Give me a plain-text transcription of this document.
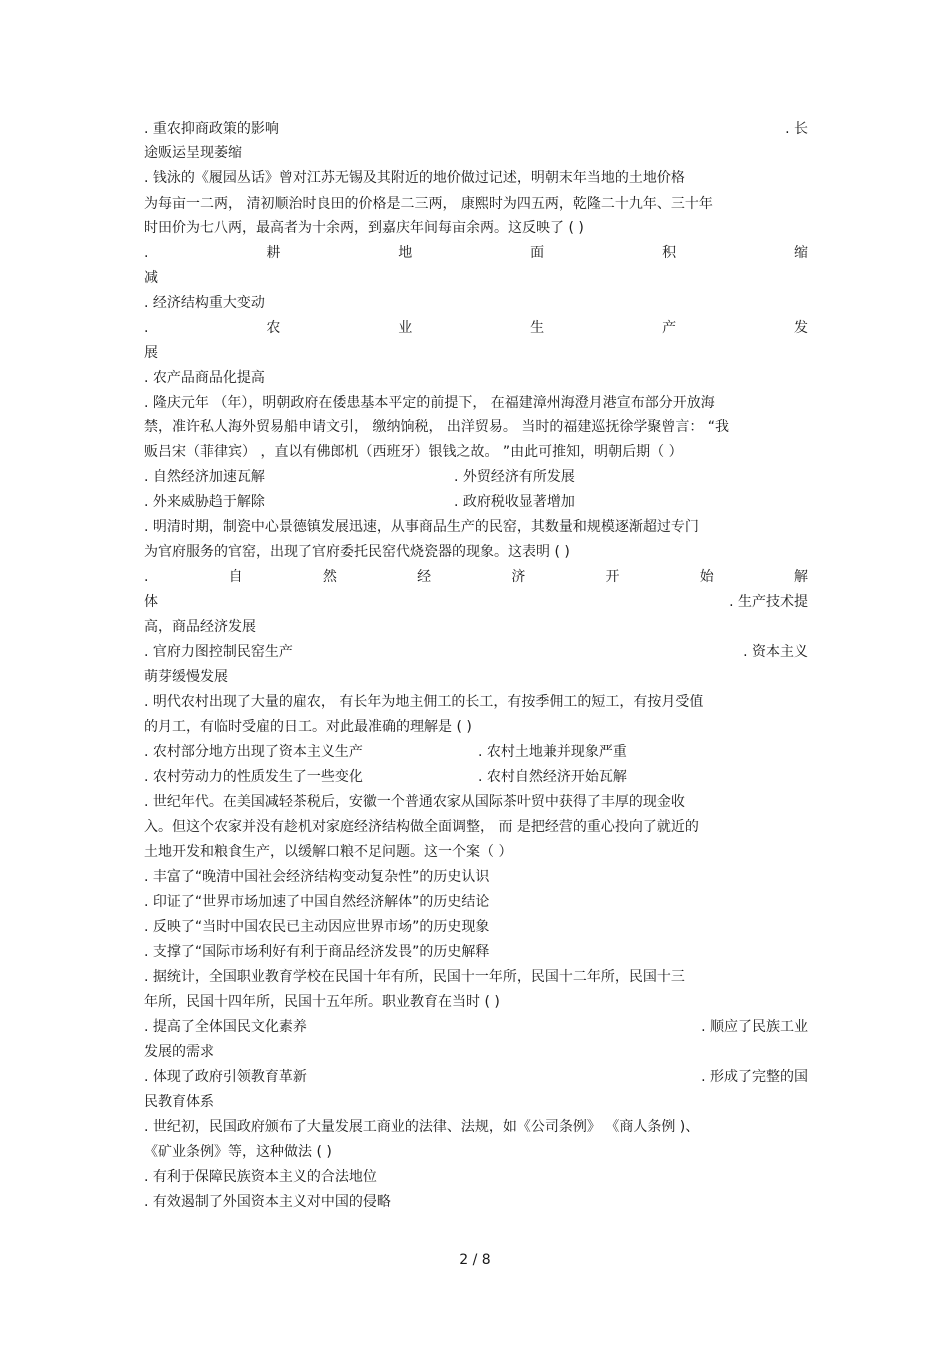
. 重农抑商政策的影响	. 长
途贩运呈现萎缩
. 钱泳的《履园丛话》曾对江苏无锡及其附近的地价做过记述，明朝末年当地的土地价格
为每亩一二两， 清初顺治时良田的价格是二三两， 康熙时为四五两，乾隆二十九年、三十年
时田价为七八两，最高者为十余两，到嘉庆年间每亩余两。这反映了 ( )
.	耕	地	面	积	缩
减
. 经济结构重大变动
.	农	业	生	产	发
展
. 农产品商品化提高
. 隆庆元年 （年），明朝政府在倭患基本平定的前提下， 在福建漳州海澄月港宣布部分开放海
禁，准许私人海外贸易船申请文引， 缴纳饷税， 出洋贸易。 当时的福建巡抚徐学聚曾言： “我
贩吕宋（菲律宾） ，直以有佛郎机（西班牙）银钱之故。 ”由此可推知，明朝后期（ ）
. 自然经济加速瓦解	. 外贸经济有所发展
. 外来威胁趋于解除	. 政府税收显著增加
. 明清时期，制瓷中心景德镇发展迅速，从事商品生产的民窑，其数量和规模逐渐超过专门
为官府服务的官窑，出现了官府委托民窑代烧瓷器的现象。这表明 ( )
.	自	然	经	济	开	始	解
体	. 生产技术提
高，商品经济发展
. 官府力图控制民窑生产	. 资本主义
萌芽缓慢发展
. 明代农村出现了大量的雇农， 有长年为地主佣工的长工，有按季佣工的短工，有按月受值
的月工，有临时受雇的日工。对此最准确的理解是 ( )
. 农村部分地方出现了资本主义生产	. 农村土地兼并现象严重
. 农村劳动力的性质发生了一些变化	. 农村自然经济开始瓦解
. 世纪年代。在美国减轻茶税后，安徽一个普通农家从国际茶叶贸中获得了丰厚的现金收
入。但这个农家并没有趁机对家庭经济结构做全面调整， 而 是把经营的重心投向了就近的
土地开发和粮食生产，以缓解口粮不足问题。这一个案（ ）
. 丰富了“晚清中国社会经济结构变动复杂性”的历史认识
. 印证了“世界市场加速了中国自然经济解体”的历史结论
. 反映了“当时中国农民已主动因应世界市场”的历史现象
. 支撑了“国际市场利好有利于商品经济发畏”的历史解释
. 据统计，全国职业教育学校在民国十年有所，民国十一年所，民国十二年所，民国十三
年所，民国十四年所，民国十五年所。职业教育在当时 ( )
. 提高了全体国民文化素养	. 顺应了民族工业
发展的需求
. 体现了政府引领教育革新	. 形成了完整的国
民教育体系
. 世纪初，民国政府颁布了大量发展工商业的法律、法规，如《公司条例》 《商人条例 )、
《矿业条例》等，这种做法 ( )
. 有利于保障民族资本主义的合法地位
. 有效遏制了外国资本主义对中国的侵略
2 / 8
